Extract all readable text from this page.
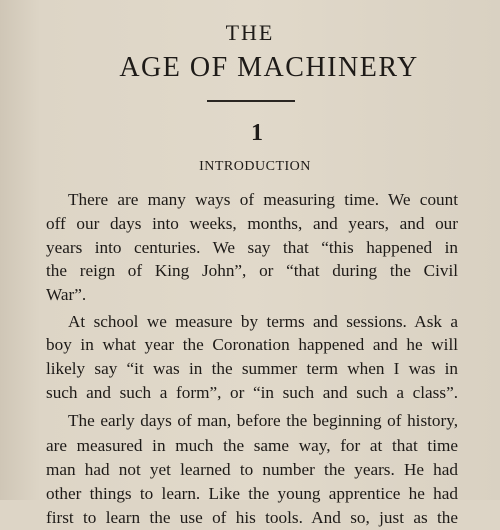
THE
AGE OF MACHINERY
1
INTRODUCTION
There are many ways of measuring time. We count
off our days into weeks, months, and years, and our
years into centuries. We say that “this happened in
the reign of King John”, or “that during the Civil
War”.
At school we measure by terms and sessions. Ask a
boy in what year the Coronation happened and he will
likely say “it was in the summer term when I was in
such and such a form”, or “in such and such a class”.
The early days of man, before the beginning of history,
are measured in much the same way, for at that time
man had not yet learned to number the years. He had
other things to learn. Like the young apprentice he had
first to learn the use of his tools. And so, just as the
